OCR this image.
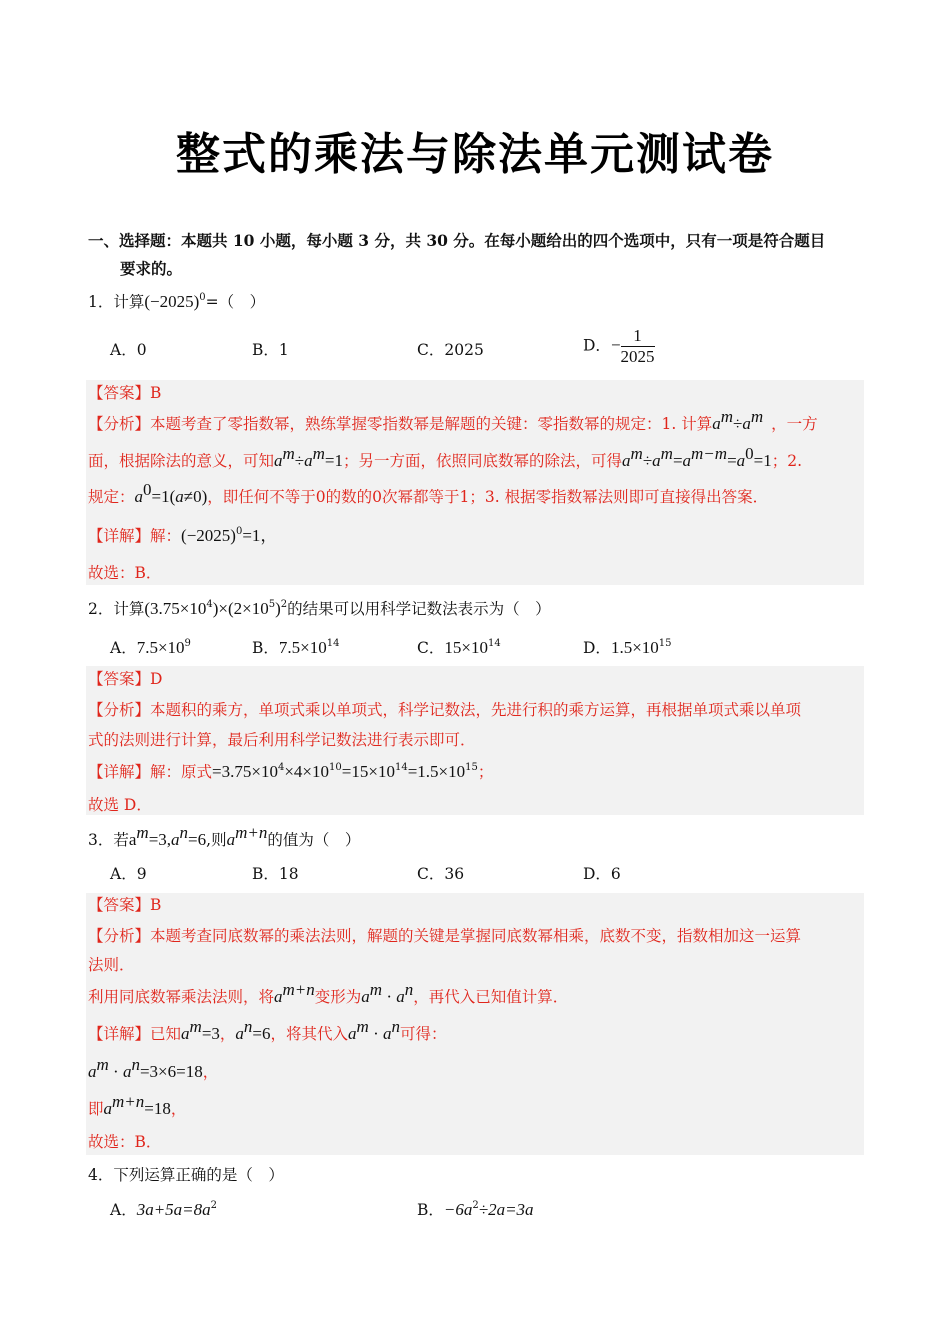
整式的乘法与除法单元测试卷
一、选择题：本题共 10 小题，每小题 3 分，共 30 分。在每小题给出的四个选项中，只有一项是符合题目
要求的。
1．计算$(-2025)^0=$（　）
A．0	B．1	C．2025	D．− $\frac{1}{2025}$
【答案】B
【分析】本题考查了零指数幂，熟练掌握零指数幂是解题的关键：零指数幂的规定：1. 计算$a^m\div a^m$ ，一方
面，根据除法的意义，可知$a^m\div a^m=1$；另一方面，依照同底数幂的除法，可得$a^m\div a^m=a^{m-m}=a^0=1$；2.
规定：$a^0=1(a\ne 0)$，即任何不等于0的数的0次幂都等于1；3. 根据零指数幂法则即可直接得出答案．
【详解】解：$(-2025)^0=1$，
故选：B．
2．计算$(3.75\times 10^4)\times(2\times 10^5)^2$的结果可以用科学记数法表示为（　）
A．$7.5\times 10^9$	B．$7.5\times 10^{14}$	C．$15\times 10^{14}$	D．$1.5\times 10^{15}$
【答案】D
【分析】本题积的乘方，单项式乘以单项式，科学记数法，先进行积的乘方运算，再根据单项式乘以单项
式的法则进行计算，最后利用科学记数法进行表示即可．
【详解】解：原式$=3.75\times 10^4\times 4\times 10^{10}=15\times 10^{14}=1.5\times 10^{15}$；
故选 D．
3．若$a^m=3,a^n=6$,则$a^{m+n}$的值为（　）
A．9	B．18	C．36	D．6
【答案】B
【分析】本题考查同底数幂的乘法法则，解题的关键是掌握同底数幂相乘，底数不变，指数相加这一运算
法则．
利用同底数幂乘法法则，将$a^{m+n}$变形为$a^m \cdot a^n$，再代入已知值计算．
【详解】已知$a^m=3$，$a^n=6$，将其代入$a^m \cdot a^n$可得：
$a^m \cdot a^n=3\times 6=18$，
即$a^{m+n}=18$，
故选：B．
4．下列运算正确的是（　）
A．$3a+5a=8a^2$	B．$-6a^2\div 2a=3a$
